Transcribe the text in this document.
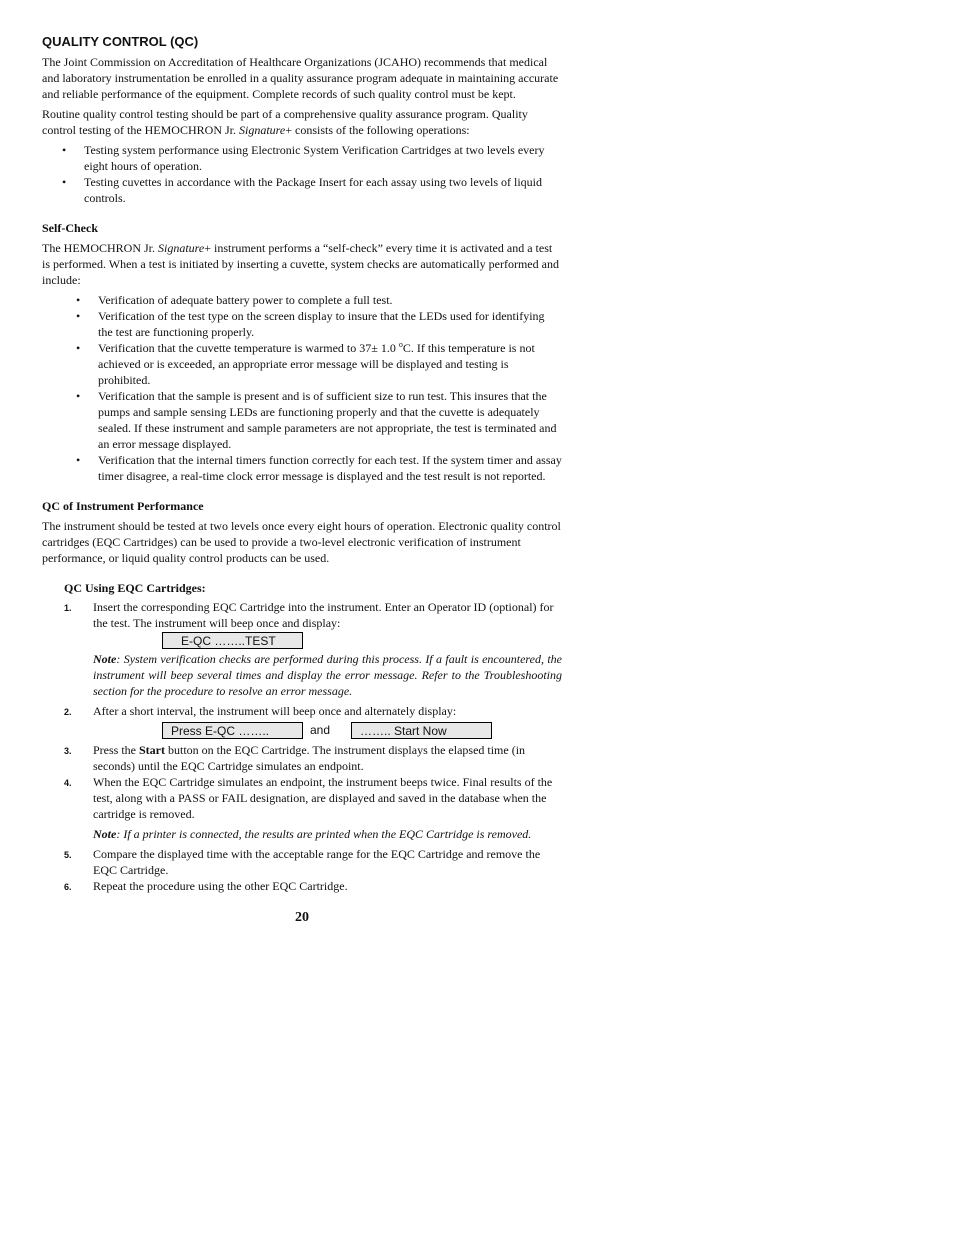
QUALITY CONTROL (QC)

The Joint Commission on Accreditation of Healthcare Organizations (JCAHO) recommends that medical and laboratory instrumentation be enrolled in a quality assurance program adequate in maintaining accurate and reliable performance of the equipment. Complete records of such quality control must be kept.

Routine quality control testing should be part of a comprehensive quality assurance program. Quality control testing of the HEMOCHRON Jr. Signature+ consists of the following operations:

• Testing system performance using Electronic System Verification Cartridges at two levels every eight hours of operation.
• Testing cuvettes in accordance with the Package Insert for each assay using two levels of liquid controls.
Self-Check

The HEMOCHRON Jr. Signature+ instrument performs a “self-check” every time it is activated and a test is performed. When a test is initiated by inserting a cuvette, system checks are automatically performed and include:

• Verification of adequate battery power to complete a full test.
• Verification of the test type on the screen display to insure that the LEDs used for identifying the test are functioning properly.
• Verification that the cuvette temperature is warmed to 37± 1.0 $^o$C. If this temperature is not achieved or is exceeded, an appropriate error message will be displayed and testing is prohibited.
• Verification that the sample is present and is of sufficient size to run test. This insures that the pumps and sample sensing LEDs are functioning properly and that the cuvette is adequately sealed. If these instrument and sample parameters are not appropriate, the test is terminated and an error message displayed.
• Verification that the internal timers function correctly for each test. If the system timer and assay timer disagree, a real-time clock error message is displayed and the test result is not reported.
QC of Instrument Performance

The instrument should be tested at two levels once every eight hours of operation. Electronic quality control cartridges (EQC Cartridges) can be used to provide a two-level electronic verification of instrument performance, or liquid quality control products can be used.

QC Using EQC Cartridges:
1. Insert the corresponding EQC Cartridge into the instrument. Enter an Operator ID (optional) for the test. The instrument will beep once and display:
E-QC ……..TEST

Note: System verification checks are performed during this process. If a fault is encountered, the instrument will beep several times and display the error message. Refer to the Troubleshooting section for the procedure to resolve an error message.

2. After a short interval, the instrument will beep once and alternately display:
Press E-QC ……..	and	…….. Start Now
3. Press the Start button on the EQC Cartridge. The instrument displays the elapsed time (in seconds) until the EQC Cartridge simulates an endpoint.
4. When the EQC Cartridge simulates an endpoint, the instrument beeps twice. Final results of the test, along with a PASS or FAIL designation, are displayed and saved in the database when the cartridge is removed.

Note: If a printer is connected, the results are printed when the EQC Cartridge is removed.

5. Compare the displayed time with the acceptable range for the EQC Cartridge and remove the EQC Cartridge.
6. Repeat the procedure using the other EQC Cartridge.
20
